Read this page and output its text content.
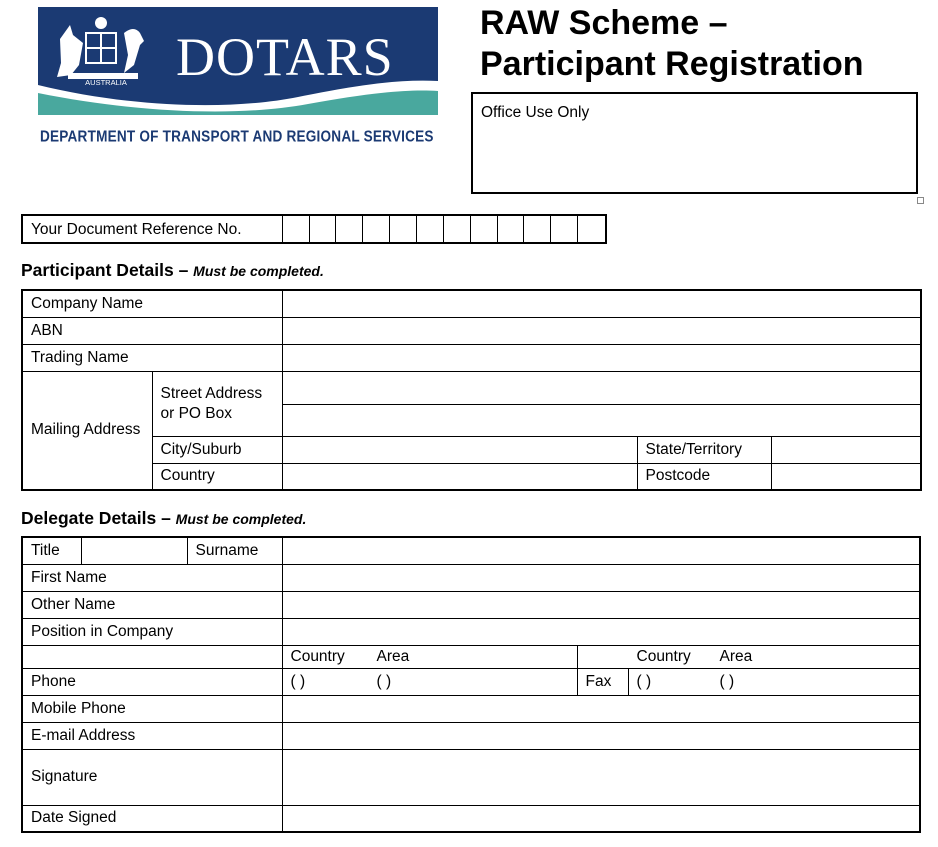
AUSTRALIA DOTARS
DEPARTMENT OF TRANSPORT AND REGIONAL SERVICES
RAW Scheme –
Participant Registration
Office Use Only
Your Document Reference No.
Participant Details – Must be completed.
Company Name				
ABN				
Trading Name				
Mailing Address	Street Address or PO Box			

	City/Suburb		State/Territory	
	Country		Postcode	
Delegate Details – Must be completed.
Title		Surname			
First Name					
Other Name					
Position in Company					
			Country Area	Country Area	
Phone			( ) ( )	Fax	( ) ( )
Mobile Phone					
E-mail Address					
Signature					
Date Signed					
